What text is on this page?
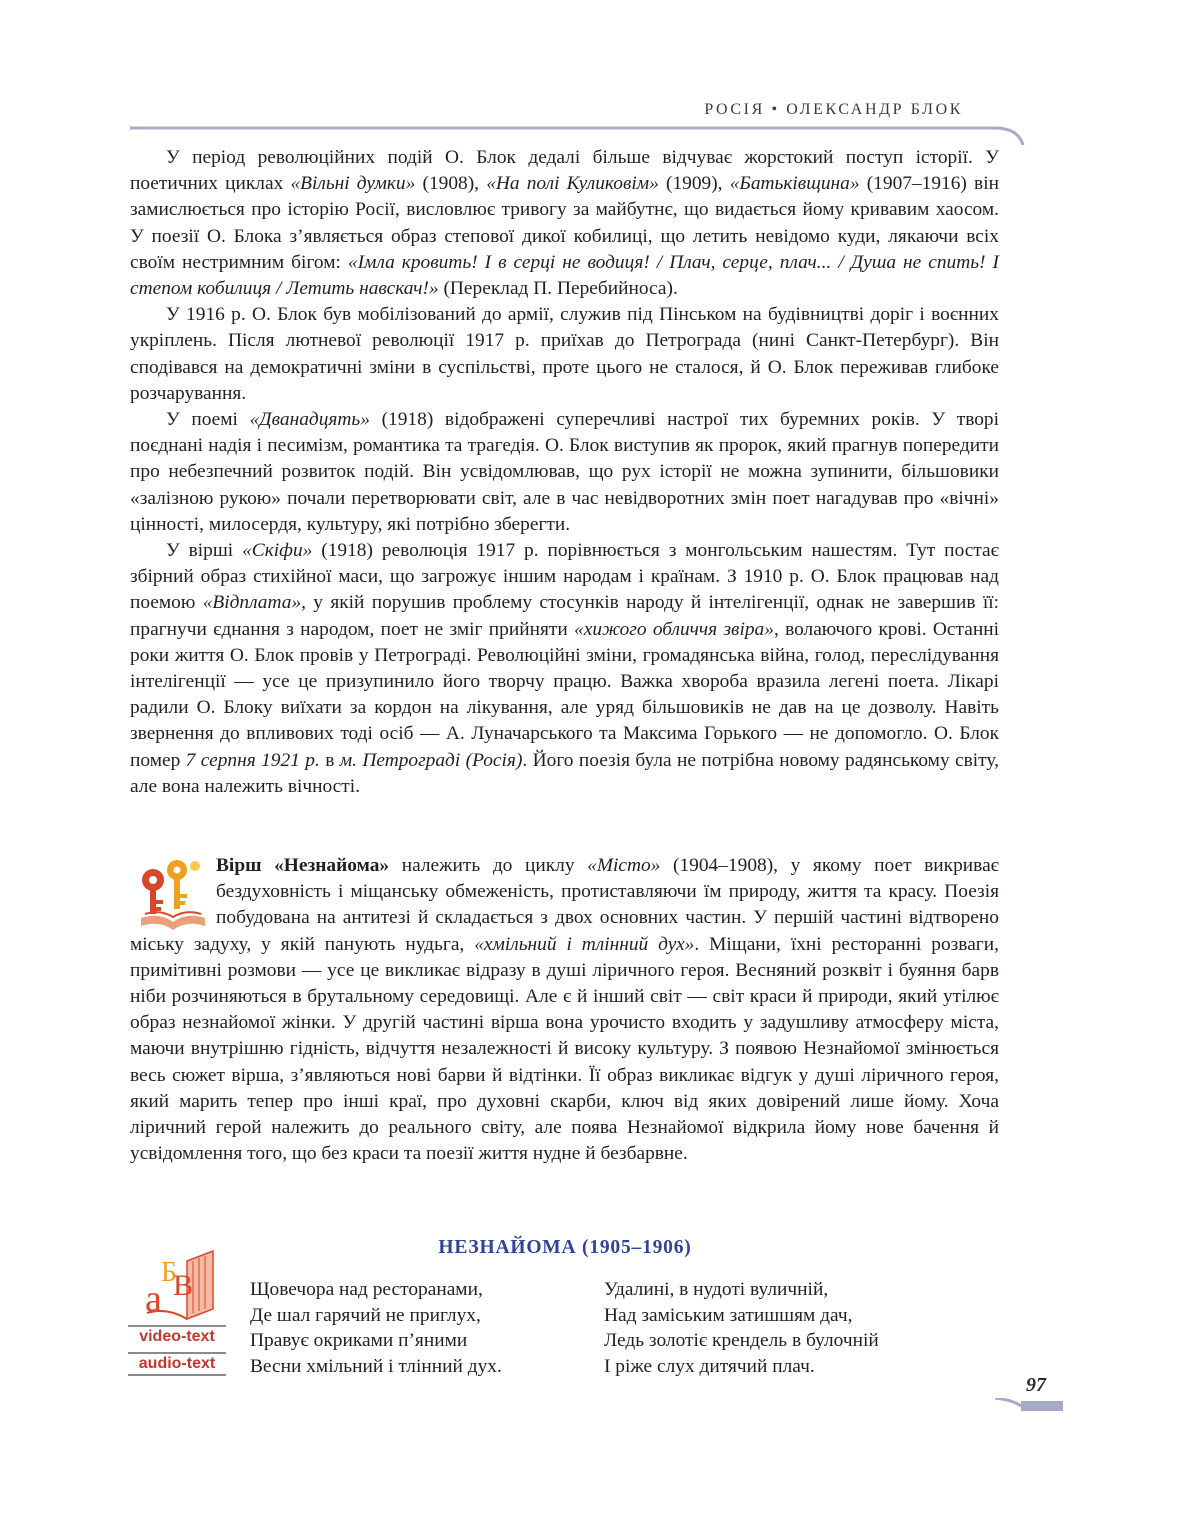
РОСІЯ • ОЛЕКСАНДР БЛОК

У період революційних подій О. Блок дедалі більше відчуває жорстокий поступ історії. У поетичних циклах «Вільні думки» (1908), «На полі Куликовім» (1909), «Батьківщина» (1907–1916) він замислюється про історію Росії, висловлює тривогу за майбутнє, що видається йому кривавим хаосом. У поезії О. Блока з’являється образ степової дикої кобилиці, що летить невідомо куди, лякаючи всіх своїм нестримним бігом: «Імла кровить! І в серці не водиця! / Плач, серце, плач... / Душа не спить! І степом кобилиця / Летить навскач!» (Переклад П. Перебийноса).

У 1916 р. О. Блок був мобілізований до армії, служив під Пінськом на будівництві доріг і воєнних укріплень. Після лютневої революції 1917 р. приїхав до Петрограда (нині Санкт-Петербург). Він сподівався на демократичні зміни в суспільстві, проте цього не сталося, й О. Блок переживав глибоке розчарування.

У поемі «Дванадцять» (1918) відображені суперечливі настрої тих буремних років. У творі поєднані надія і песимізм, романтика та трагедія. О. Блок виступив як пророк, який прагнув попередити про небезпечний розвиток подій. Він усвідомлював, що рух історії не можна зупинити, більшовики «залізною рукою» почали перетворювати світ, але в час невідворотних змін поет нагадував про «вічні» цінності, милосердя, культуру, які потрібно зберегти.

У вірші «Скіфи» (1918) революція 1917 р. порівнюється з монгольським нашестям. Тут постає збірний образ стихійної маси, що загрожує іншим народам і країнам. З 1910 р. О. Блок працював над поемою «Відплата», у якій порушив проблему стосунків народу й інтелігенції, однак не завершив її: прагнучи єднання з народом, поет не зміг прийняти «хижого обличчя звіра», волаючого крові. Останні роки життя О. Блок провів у Петрограді. Революційні зміни, громадянська війна, голод, переслідування інтелігенції — усе це призупинило його творчу працю. Важка хвороба вразила легені поета. Лікарі радили О. Блоку виїхати за кордон на лікування, але уряд більшовиків не дав на це дозволу. Навіть звернення до впливових тоді осіб — А. Луначарського та Максима Горького — не допомогло. О. Блок помер 7 серпня 1921 р. в м. Петрограді (Росія). Його поезія була не потрібна новому радянському світу, але вона належить вічності.

Вірш «Незнайома» належить до циклу «Місто» (1904–1908), у якому поет викриває бездуховність і міщанську обмеженість, протиставляючи їм природу, життя та красу. Поезія побудована на антитезі й складається з двох основних частин. У першій частині відтворено міську задуху, у якій панують нудьга, «хмільний і тлінний дух». Міщани, їхні ресторанні розваги, примітивні розмови — усе це викликає відразу в душі ліричного героя. Весняний розквіт і буяння барв ніби розчиняються в брутальному середовищі. Але є й інший світ — світ краси й природи, який утілює образ незнайомої жінки. У другій частині вірша вона урочисто входить у задушливу атмосферу міста, маючи внутрішню гідність, відчуття незалежності й високу культуру. З появою Незнайомої змінюється весь сюжет вірша, з’являються нові барви й відтінки. Її образ викликає відгук у душі ліричного героя, який марить тепер про інші краї, про духовні скарби, ключ від яких довірений лише йому. Хоча ліричний герой належить до реального світу, але поява Незнайомої відкрила йому нове бачення й усвідомлення того, що без краси та поезії життя нудне й безбарвне.

НЕЗНАЙОМА (1905–1906)
а
Б
В
video-text
audio-text
Щовечора над ресторанами,
Де шал гарячий не приглух,
Правує окриками п’яними
Весни хмільний і тлінний дух.
Удалині, в нудоті вуличній,
Над заміським затишшям дач,
Ледь золотіє крендель в булочній
І ріже слух дитячий плач.
97
